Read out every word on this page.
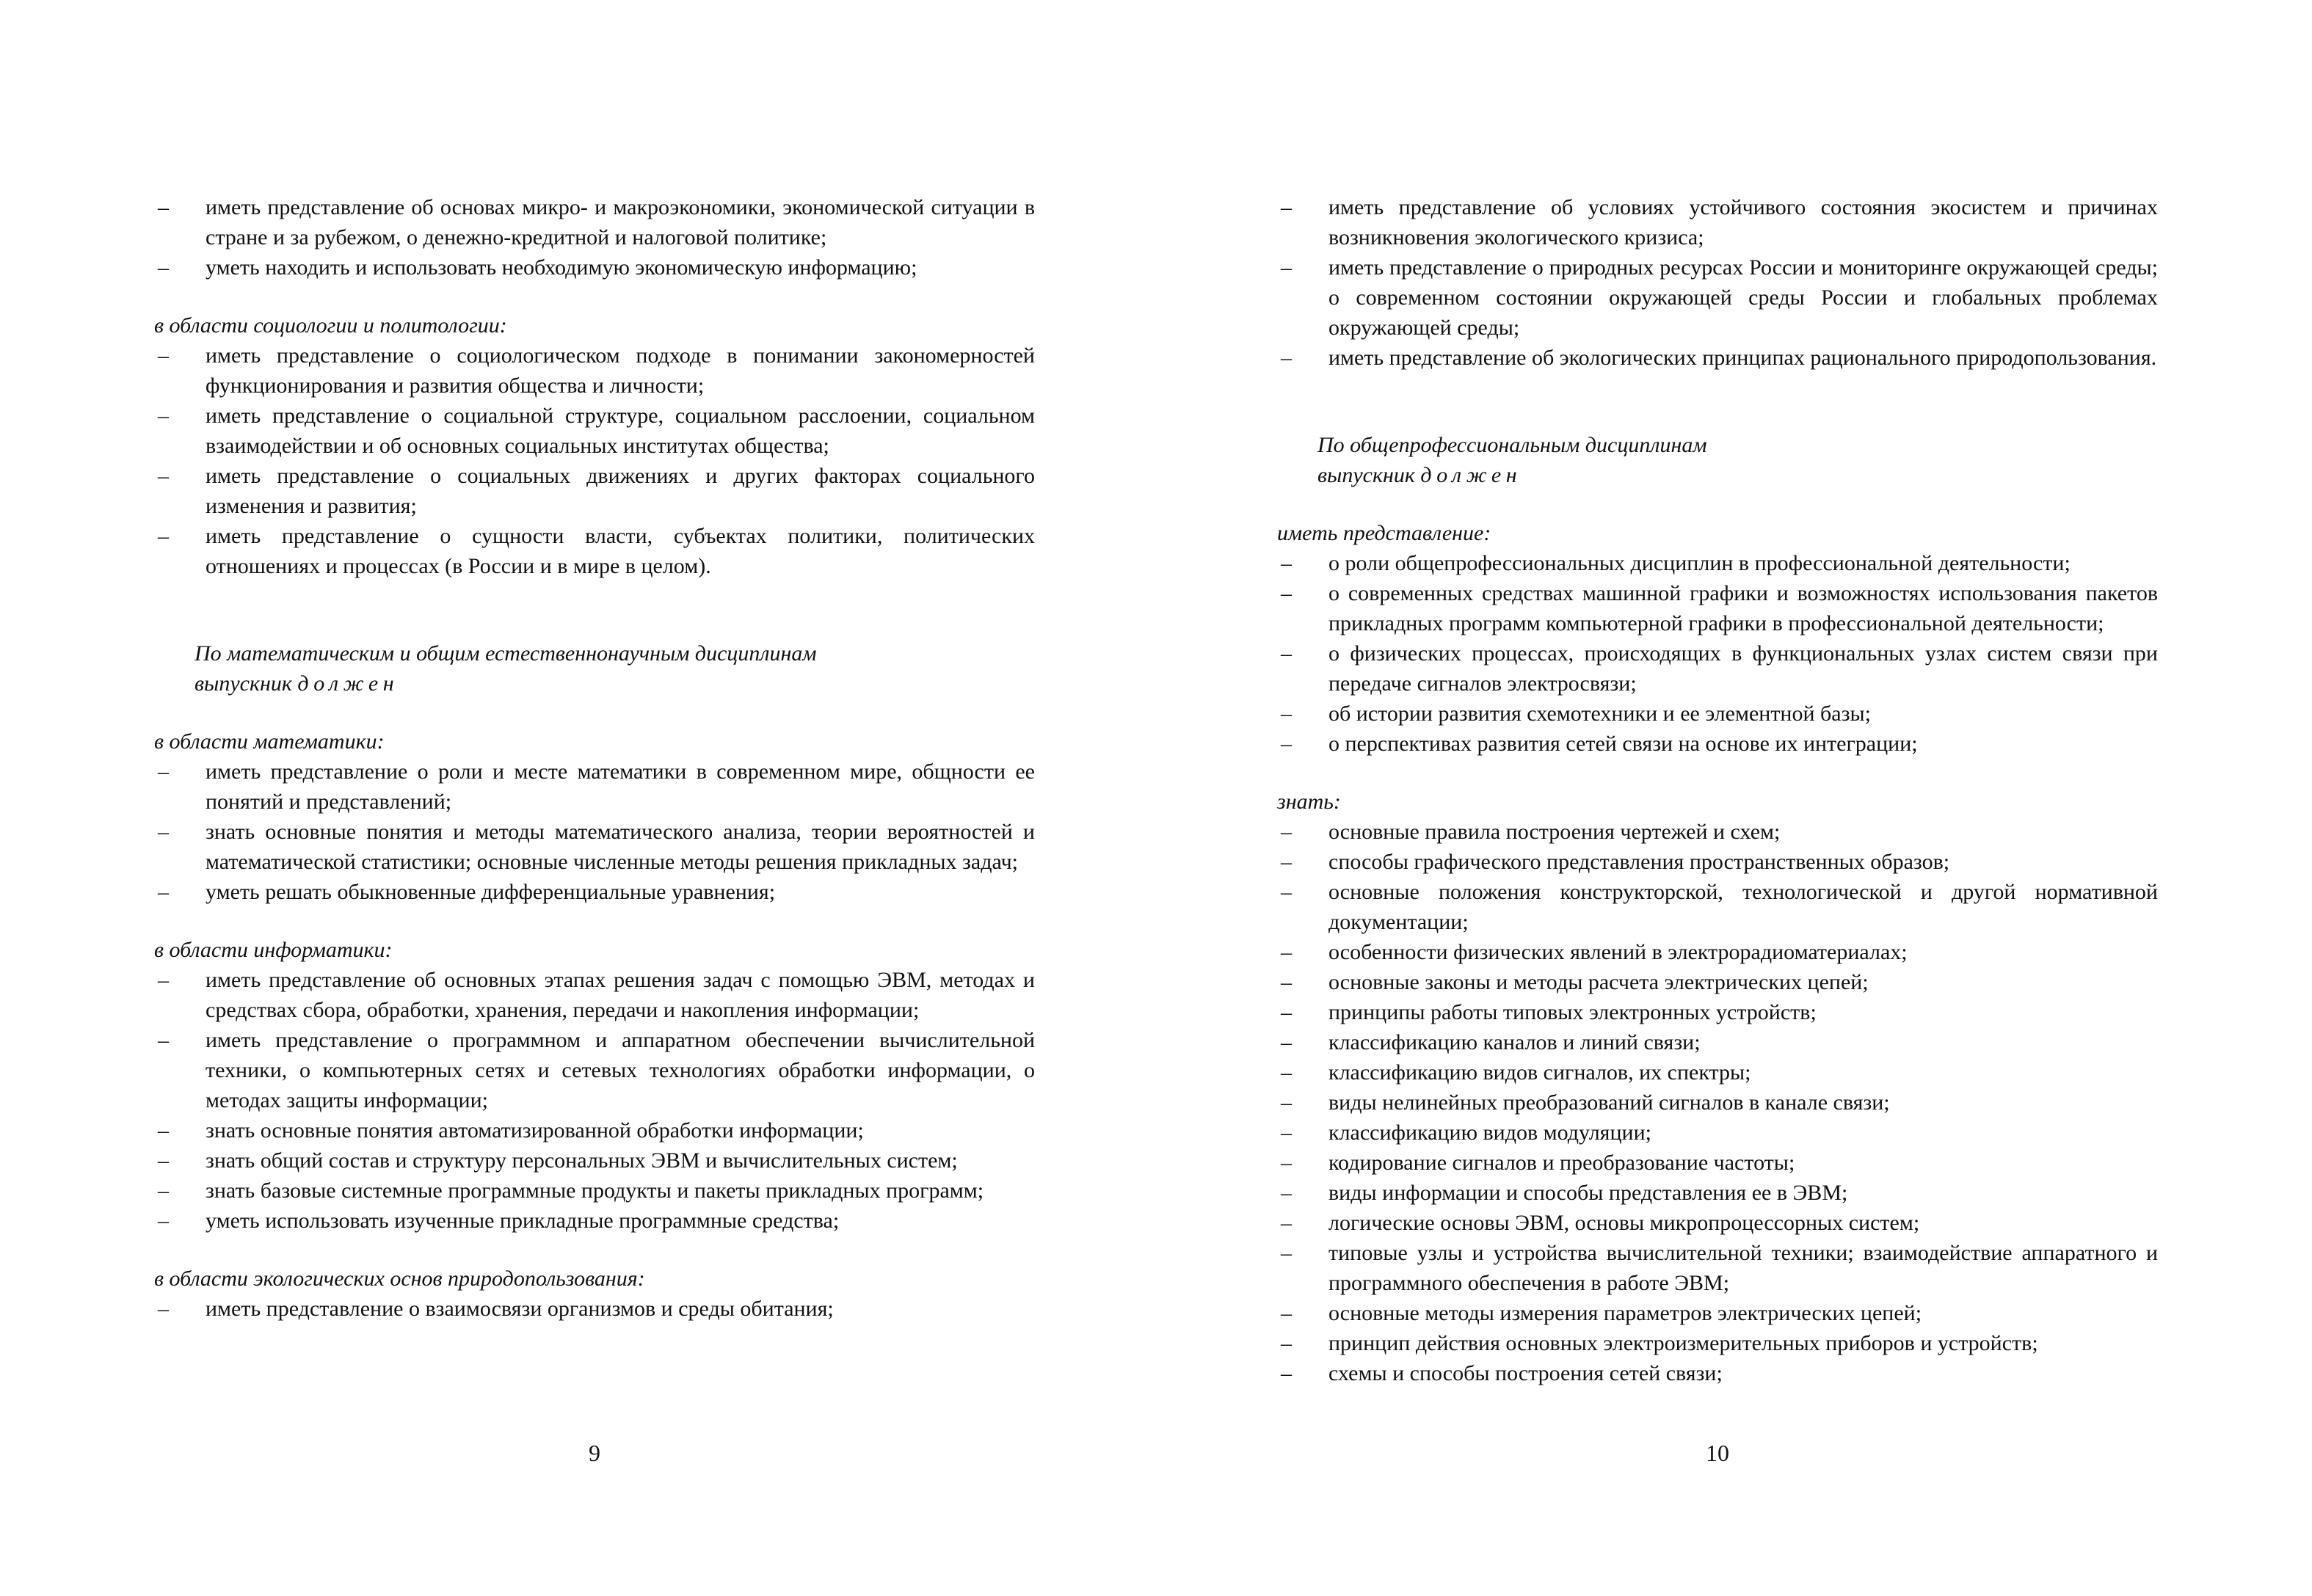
– иметь представление об основах микро- и макроэкономики, экономической ситуации в стране и за рубежом, о денежно-кредитной и налоговой политике;
– уметь находить и использовать необходимую экономическую информацию;

в области социологии и политологии:

– иметь представление о социологическом подходе в понимании закономерностей функционирования и развития общества и личности;
– иметь представление о социальной структуре, социальном расслоении, социальном взаимодействии и об основных социальных институтах общества;
– иметь представление о социальных движениях и других факторах социального изменения и развития;
– иметь представление о сущности власти, субъектах политики, политических отношениях и процессах (в России и в мире в целом).

По математическим и общим естественнонаучным дисциплинам

выпускник должен

в области математики:

– иметь представление о роли и месте математики в современном мире, общности ее понятий и представлений;
– знать основные понятия и методы математического анализа, теории вероятностей и математической статистики; основные численные методы решения прикладных задач;
– уметь решать обыкновенные дифференциальные уравнения;

в области информатики:

– иметь представление об основных этапах решения задач с помощью ЭВМ, методах и средствах сбора, обработки, хранения, передачи и накопления информации;
– иметь представление о программном и аппаратном обеспечении вычислительной техники, о компьютерных сетях и сетевых технологиях обработки информации, о методах защиты информации;
– знать основные понятия автоматизированной обработки информации;
– знать общий состав и структуру персональных ЭВМ и вычислительных систем;
– знать базовые системные программные продукты и пакеты прикладных программ;
– уметь использовать изученные прикладные программные средства;

в области экологических основ природопользования:

– иметь представление о взаимосвязи организмов и среды обитания;
9
– иметь представление об условиях устойчивого состояния экосистем и причинах возникновения экологического кризиса;
– иметь представление о природных ресурсах России и мониторинге окружающей среды; о современном состоянии окружающей среды России и глобальных проблемах окружающей среды;
– иметь представление об экологических принципах рационального природопользования.

По общепрофессиональным дисциплинам

выпускник должен

иметь представление:

– о роли общепрофессиональных дисциплин в профессиональной деятельности;
– о современных средствах машинной графики и возможностях использования пакетов прикладных программ компьютерной графики в профессиональной деятельности;
– о физических процессах, происходящих в функциональных узлах систем связи при передаче сигналов электросвязи;
– об истории развития схемотехники и ее элементной базы;
– о перспективах развития сетей связи на основе их интеграции;

знать:

– основные правила построения чертежей и схем;
– способы графического представления пространственных образов;
– основные положения конструкторской, технологической и другой нормативной документации;
– особенности физических явлений в электрорадиоматериалах;
– основные законы и методы расчета электрических цепей;
– принципы работы типовых электронных устройств;
– классификацию каналов и линий связи;
– классификацию видов сигналов, их спектры;
– виды нелинейных преобразований сигналов в канале связи;
– классификацию видов модуляции;
– кодирование сигналов и преобразование частоты;
– виды информации и способы представления ее в ЭВМ;
– логические основы ЭВМ, основы микропроцессорных систем;
– типовые узлы и устройства вычислительной техники; взаимодействие аппаратного и программного обеспечения в работе ЭВМ;
– основные методы измерения параметров электрических цепей;
– принцип действия основных электроизмерительных приборов и устройств;
– схемы и способы построения сетей связи;
10
